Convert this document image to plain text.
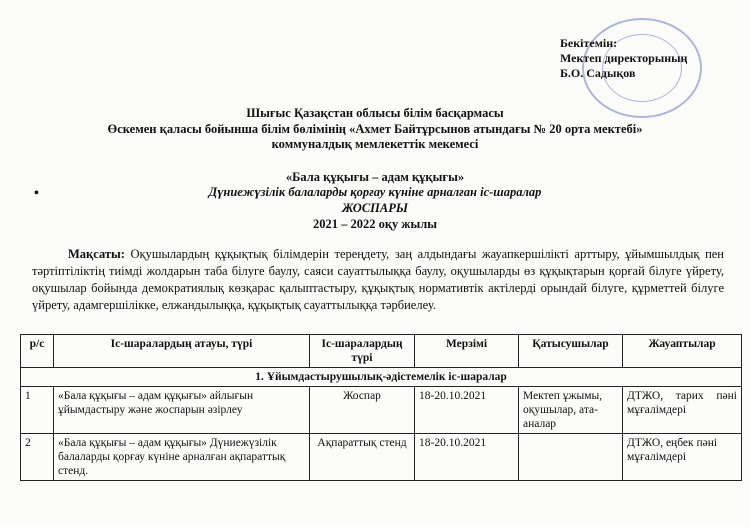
Бекітемін:
Мектеп директорының
Б.О. Садықов
Шығыс Қазақстан облысы білім басқармасы
Өскемен қаласы бойынша білім бөлімінің «Ахмет Байтұрсынов атындағы № 20 орта мектебі»
коммуналдық мемлекеттік мекемесі
•
«Бала құқығы – адам құқығы»
Дүниежүзілік балаларды қорғау күніне арналған іс-шаралар
ЖОСПАРЫ
2021 – 2022 оқу жылы
Мақсаты: Оқушылардың құқықтық білімдерін тереңдету, заң алдындағы жауапкершілікті арттыру, ұйымшылдық пен тәртіптіліктің тиімді жолдарын таба білуге баулу, саяси сауаттылыққа баулу, оқушыларды өз құқықтарын қорғай білуге үйрету, оқушылар бойында демократиялық көзқарас қалыптастыру, құқықтық нормативтік актілерді орындай білуге, құрметтей білуге үйрету, адамгершілікке, елжандылыққа, құқықтық сауаттылыққа тәрбиелеу.
р/с	Іс-шаралардың атауы, түрі	Іс-шаралардың түрі	Мерзімі	Қатысушылар	Жауаптылар
1. Ұйымдастырушылық-әдістемелік іс-шаралар					
1	«Бала құқығы – адам құқығы» айлығын ұйымдастыру және жоспарын әзірлеу	Жоспар	18-20.10.2021	Мектеп ұжымы, оқушылар, ата-аналар	ДТЖО, тарих пәні мұғалімдері
2	«Бала құқығы – адам құқығы» Дүниежүзілік балаларды қорғау күніне арналған ақпараттық стенд.	Ақпараттық стенд	18-20.10.2021		ДТЖО, еңбек пәні мұғалімдері
